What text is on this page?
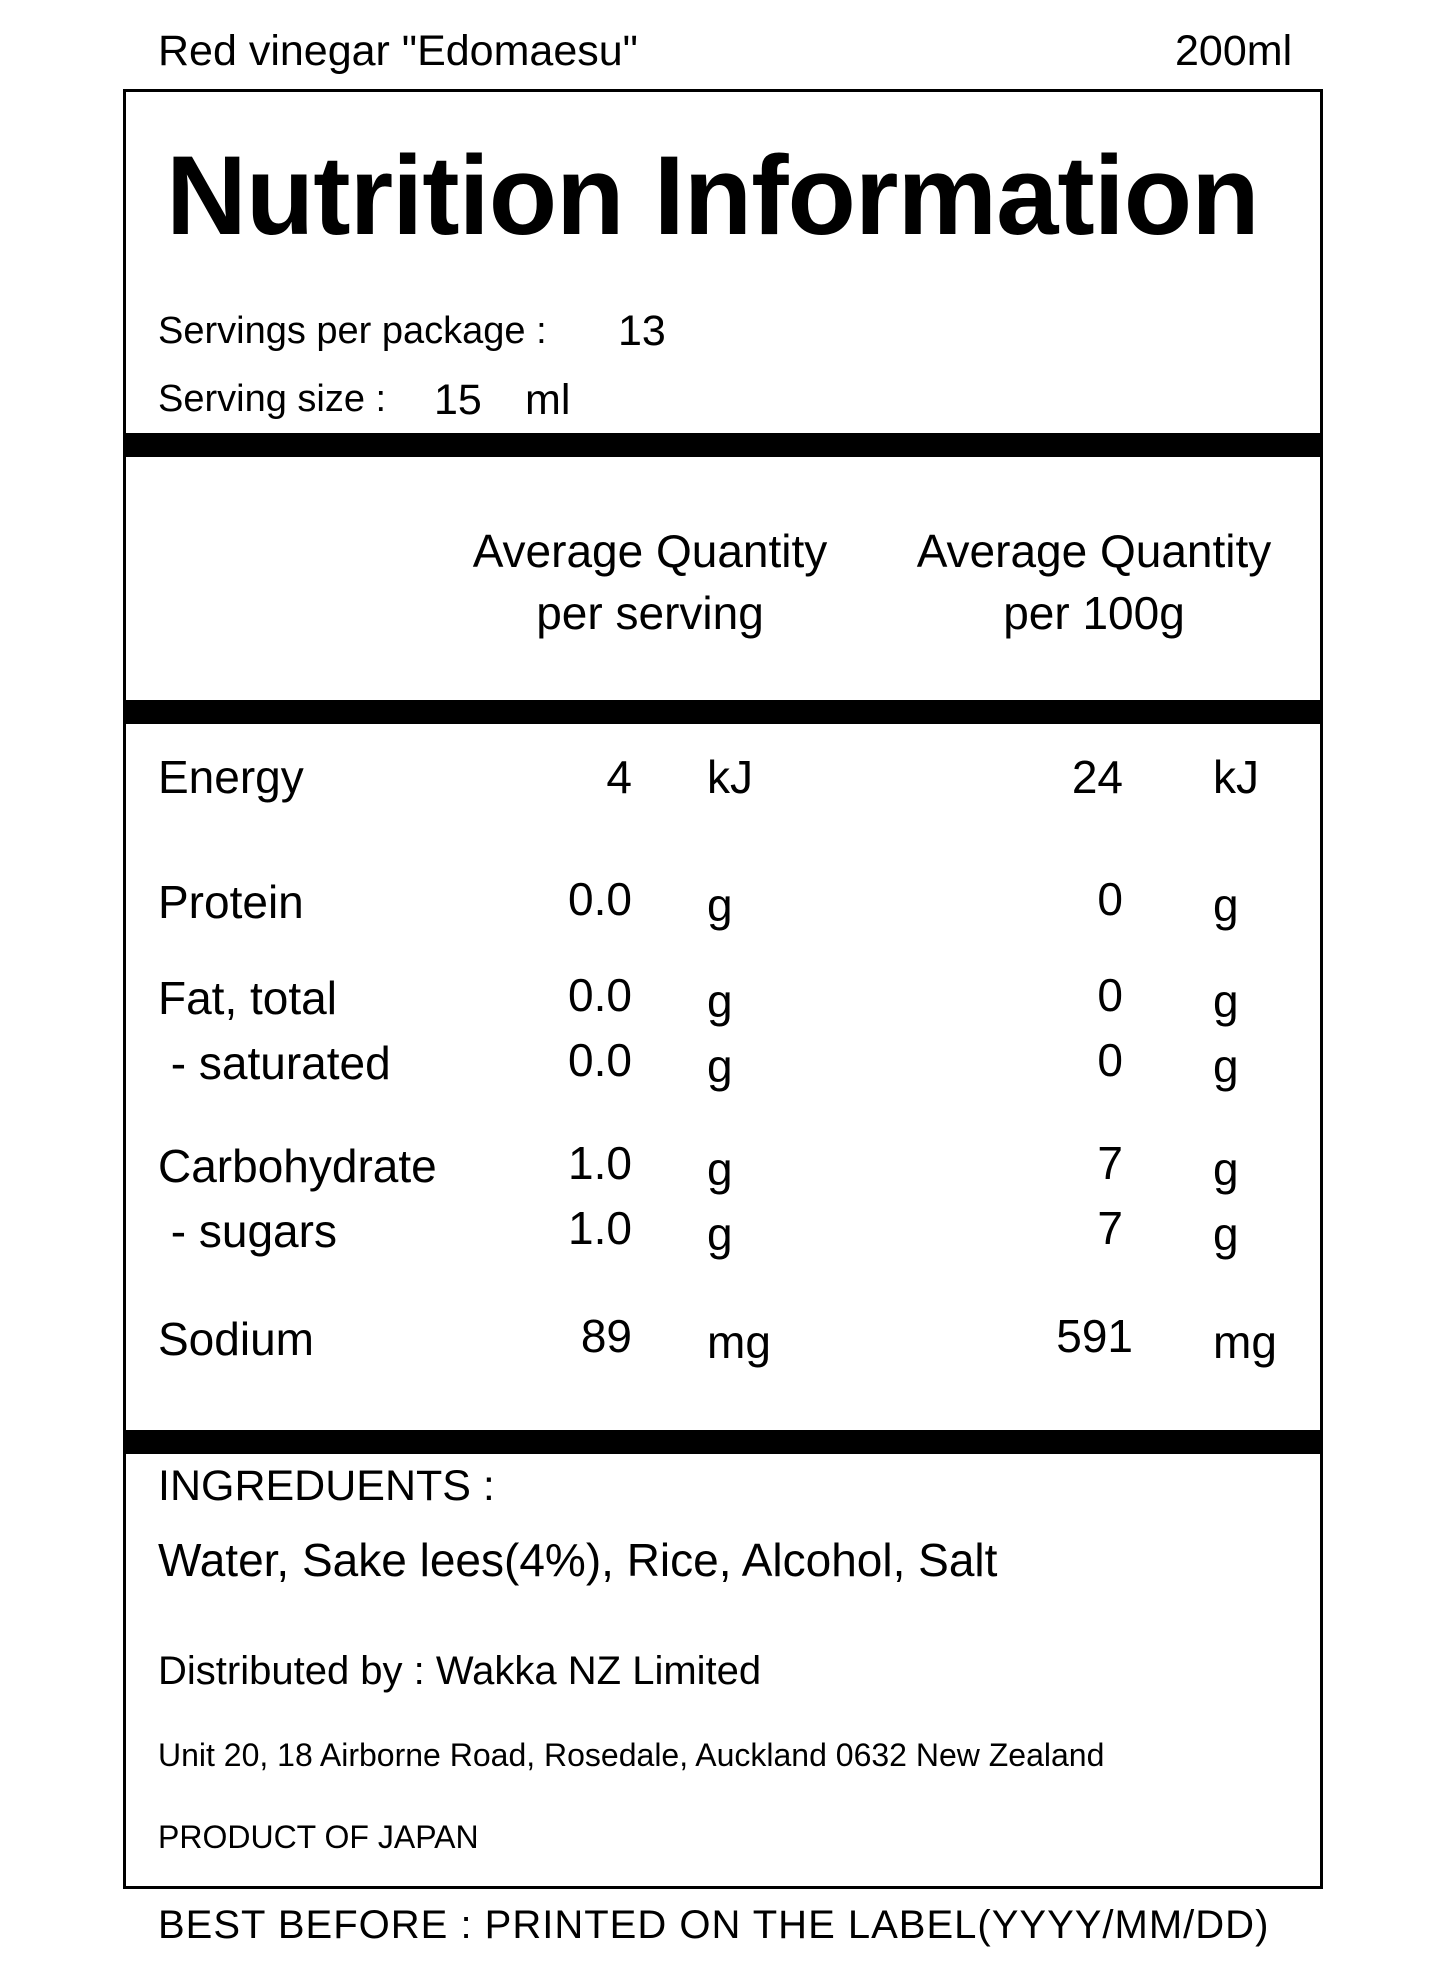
Red vinegar "Edomaesu"	200ml
Nutrition Information
Servings per package : 13
Serving size : 15 ml
Average Quantity per serving
Average Quantity per 100g
Energy	4 kJ	24 kJ
Protein	0.0 g	0 g
Fat, total	0.0 g	0 g
- saturated	0.0 g	0 g
Carbohydrate	1.0 g	7 g
- sugars	1.0 g	7 g
Sodium	89 mg	591 mg
INGREDUENTS :
Water, Sake lees(4%), Rice, Alcohol, Salt
Distributed by : Wakka NZ Limited
Unit 20, 18 Airborne Road, Rosedale, Auckland 0632 New Zealand
PRODUCT OF JAPAN
BEST BEFORE : PRINTED ON THE LABEL(YYYY/MM/DD)
